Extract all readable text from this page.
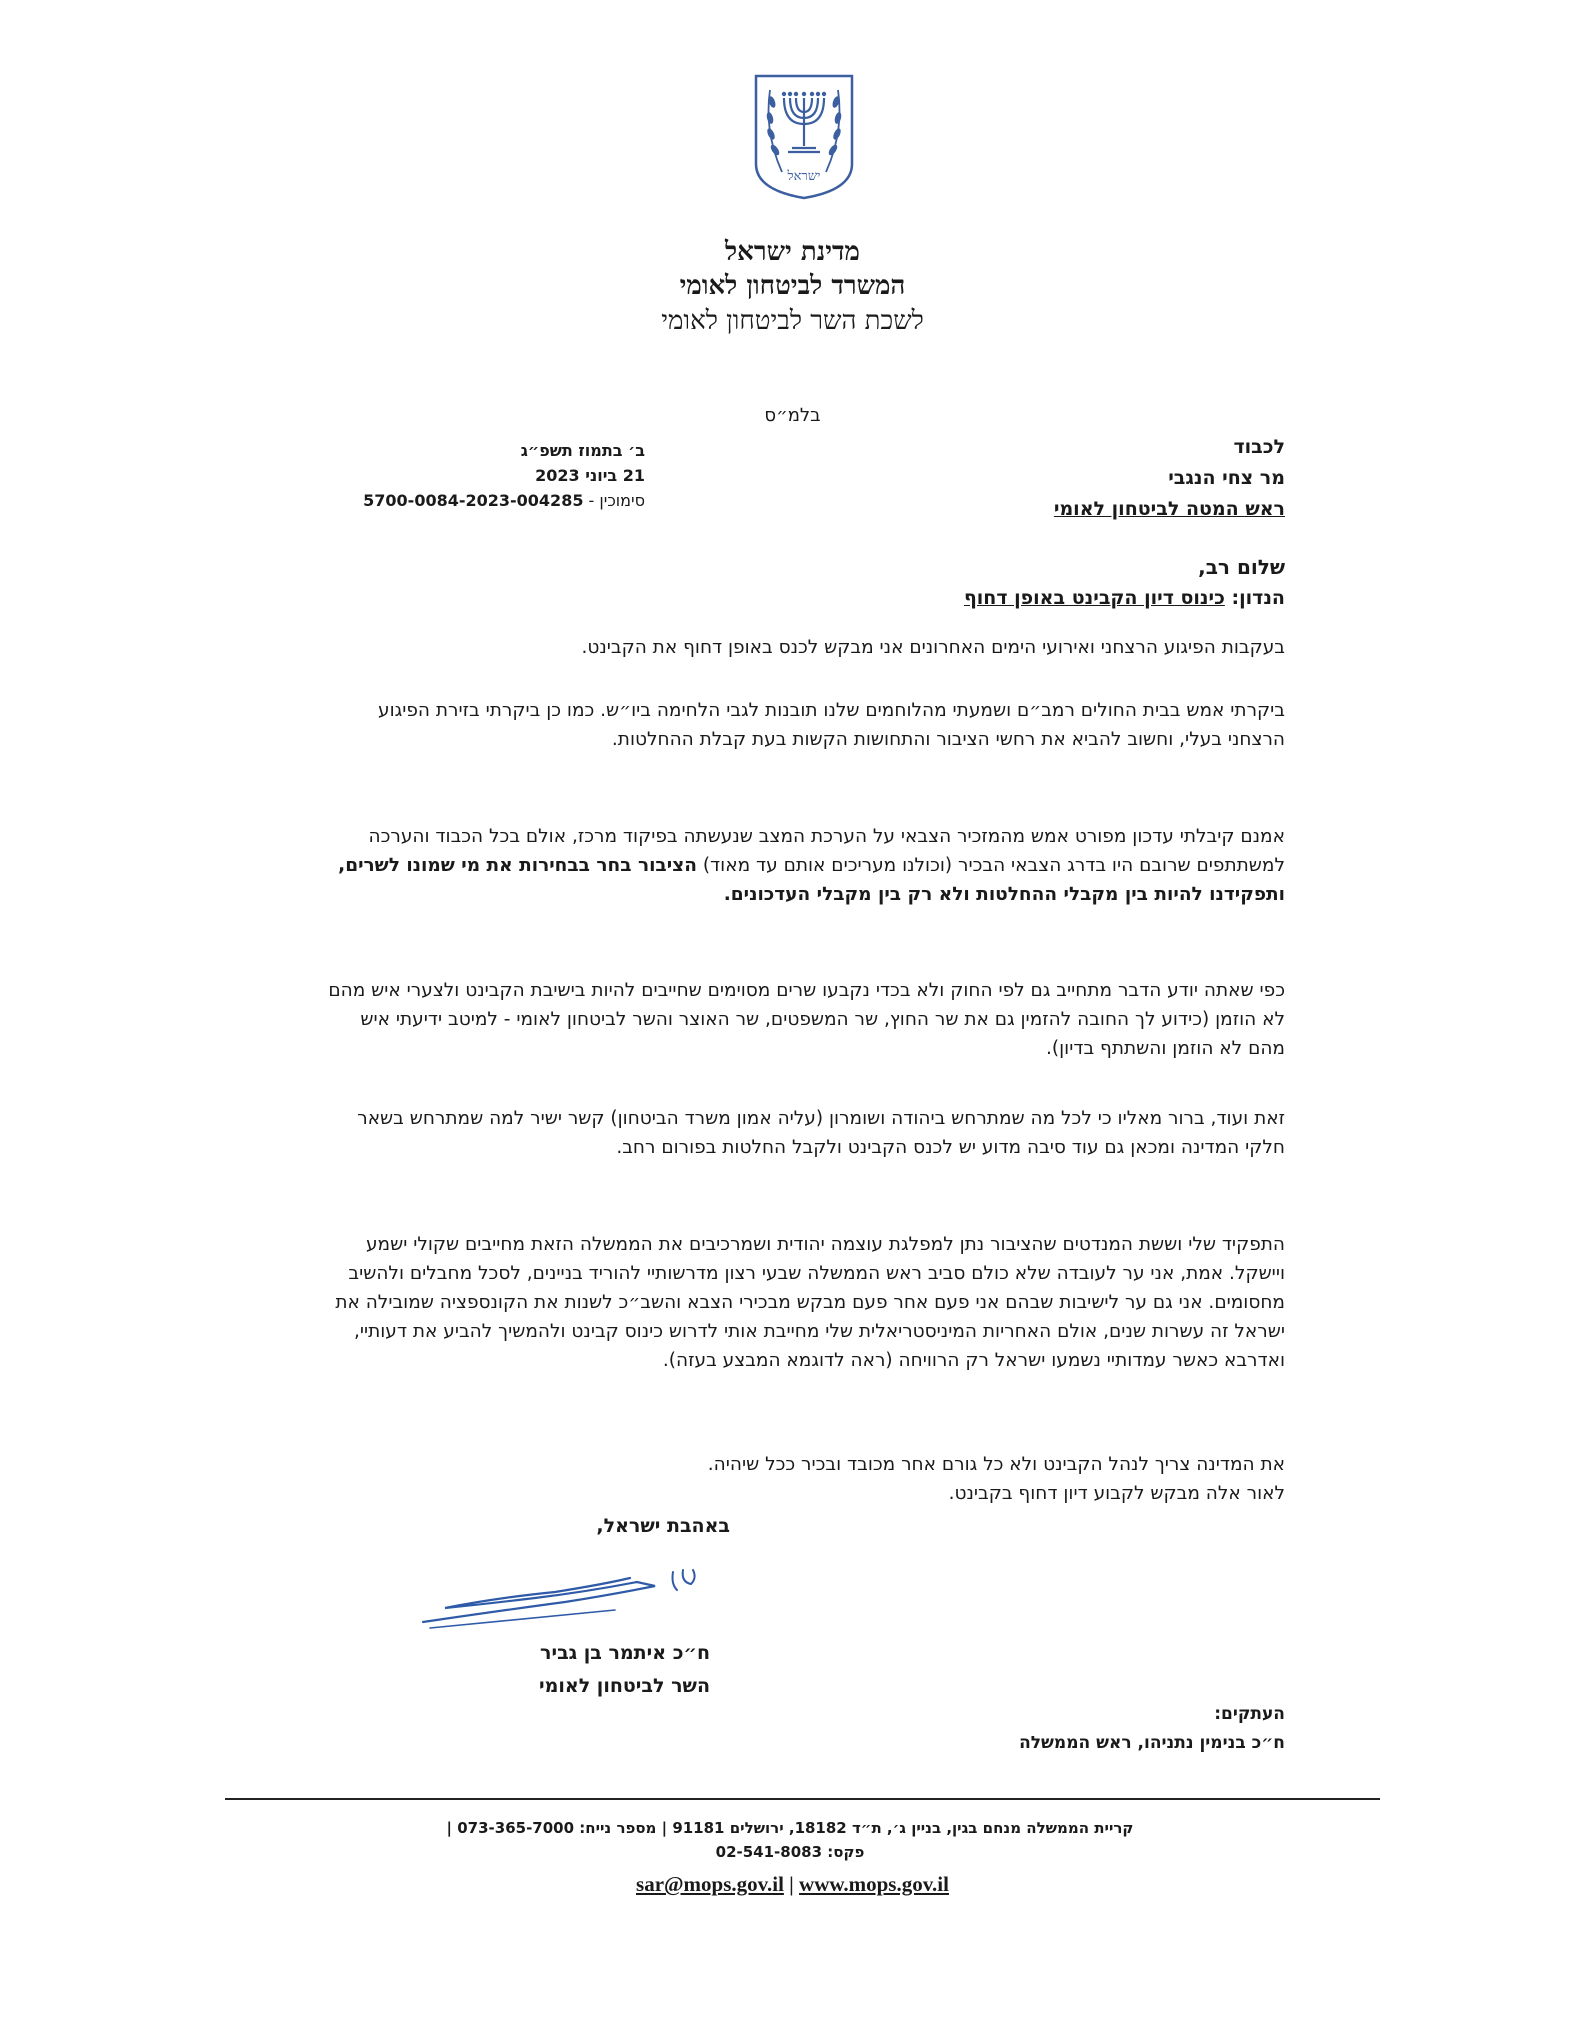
ישראל
מדינת ישראל
המשרד לביטחון לאומי
לשכת השר לביטחון לאומי
בלמ״ס
ב׳ בתמוז תשפ״ג
21 ביוני 2023
סימוכין - 5700-0084-2023-004285
לכבוד
מר צחי הנגבי
ראש המטה לביטחון לאומי
שלום רב,
הנדון: כינוס דיון הקבינט באופן דחוף
בעקבות הפיגוע הרצחני ואירועי הימים האחרונים אני מבקש לכנס באופן דחוף את הקבינט.
ביקרתי אמש בבית החולים רמב״ם ושמעתי מהלוחמים שלנו תובנות לגבי הלחימה ביו״ש. כמו כן ביקרתי בזירת הפיגוע הרצחני בעלי, וחשוב להביא את רחשי הציבור והתחושות הקשות בעת קבלת ההחלטות.
אמנם קיבלתי עדכון מפורט אמש מהמזכיר הצבאי על הערכת המצב שנעשתה בפיקוד מרכז, אולם בכל הכבוד והערכה למשתתפים שרובם היו בדרג הצבאי הבכיר (וכולנו מעריכים אותם עד מאוד) הציבור בחר בבחירות את מי שמונו לשרים, ותפקידנו להיות בין מקבלי ההחלטות ולא רק בין מקבלי העדכונים.
כפי שאתה יודע הדבר מתחייב גם לפי החוק ולא בכדי נקבעו שרים מסוימים שחייבים להיות בישיבת הקבינט ולצערי איש מהם לא הוזמן (כידוע לך החובה להזמין גם את שר החוץ, שר המשפטים, שר האוצר והשר לביטחון לאומי - למיטב ידיעתי איש מהם לא הוזמן והשתתף בדיון).
זאת ועוד, ברור מאליו כי לכל מה שמתרחש ביהודה ושומרון (עליה אמון משרד הביטחון) קשר ישיר למה שמתרחש בשאר חלקי המדינה ומכאן גם עוד סיבה מדוע יש לכנס הקבינט ולקבל החלטות בפורום רחב.
התפקיד שלי וששת המנדטים שהציבור נתן למפלגת עוצמה יהודית ושמרכיבים את הממשלה הזאת מחייבים שקולי ישמע ויישקל. אמת, אני ער לעובדה שלא כולם סביב ראש הממשלה שבעי רצון מדרשותיי להוריד בניינים, לסכל מחבלים ולהשיב מחסומים. אני גם ער לישיבות שבהם אני פעם אחר פעם מבקש מבכירי הצבא והשב״כ לשנות את הקונספציה שמובילה את ישראל זה עשרות שנים, אולם האחריות המיניסטריאלית שלי מחייבת אותי לדרוש כינוס קבינט ולהמשיך להביע את דעותיי, ואדרבא כאשר עמדותיי נשמעו ישראל רק הרוויחה (ראה לדוגמא המבצע בעזה).

את המדינה צריך לנהל הקבינט ולא כל גורם אחר מכובד ובכיר ככל שיהיה.

לאור אלה מבקש לקבוע דיון דחוף בקבינט.

באהבת ישראל,
ח״כ איתמר בן גביר
השר לביטחון לאומי
העתקים:
ח״כ בנימין נתניהו, ראש הממשלה
קריית הממשלה מנחם בגין, בניין ג׳, ת״ד 18182, ירושלים 91181 | מספר נייח: 073-365-7000 |
פקס: 02-541-8083
sar@mops.gov.il | www.mops.gov.il
